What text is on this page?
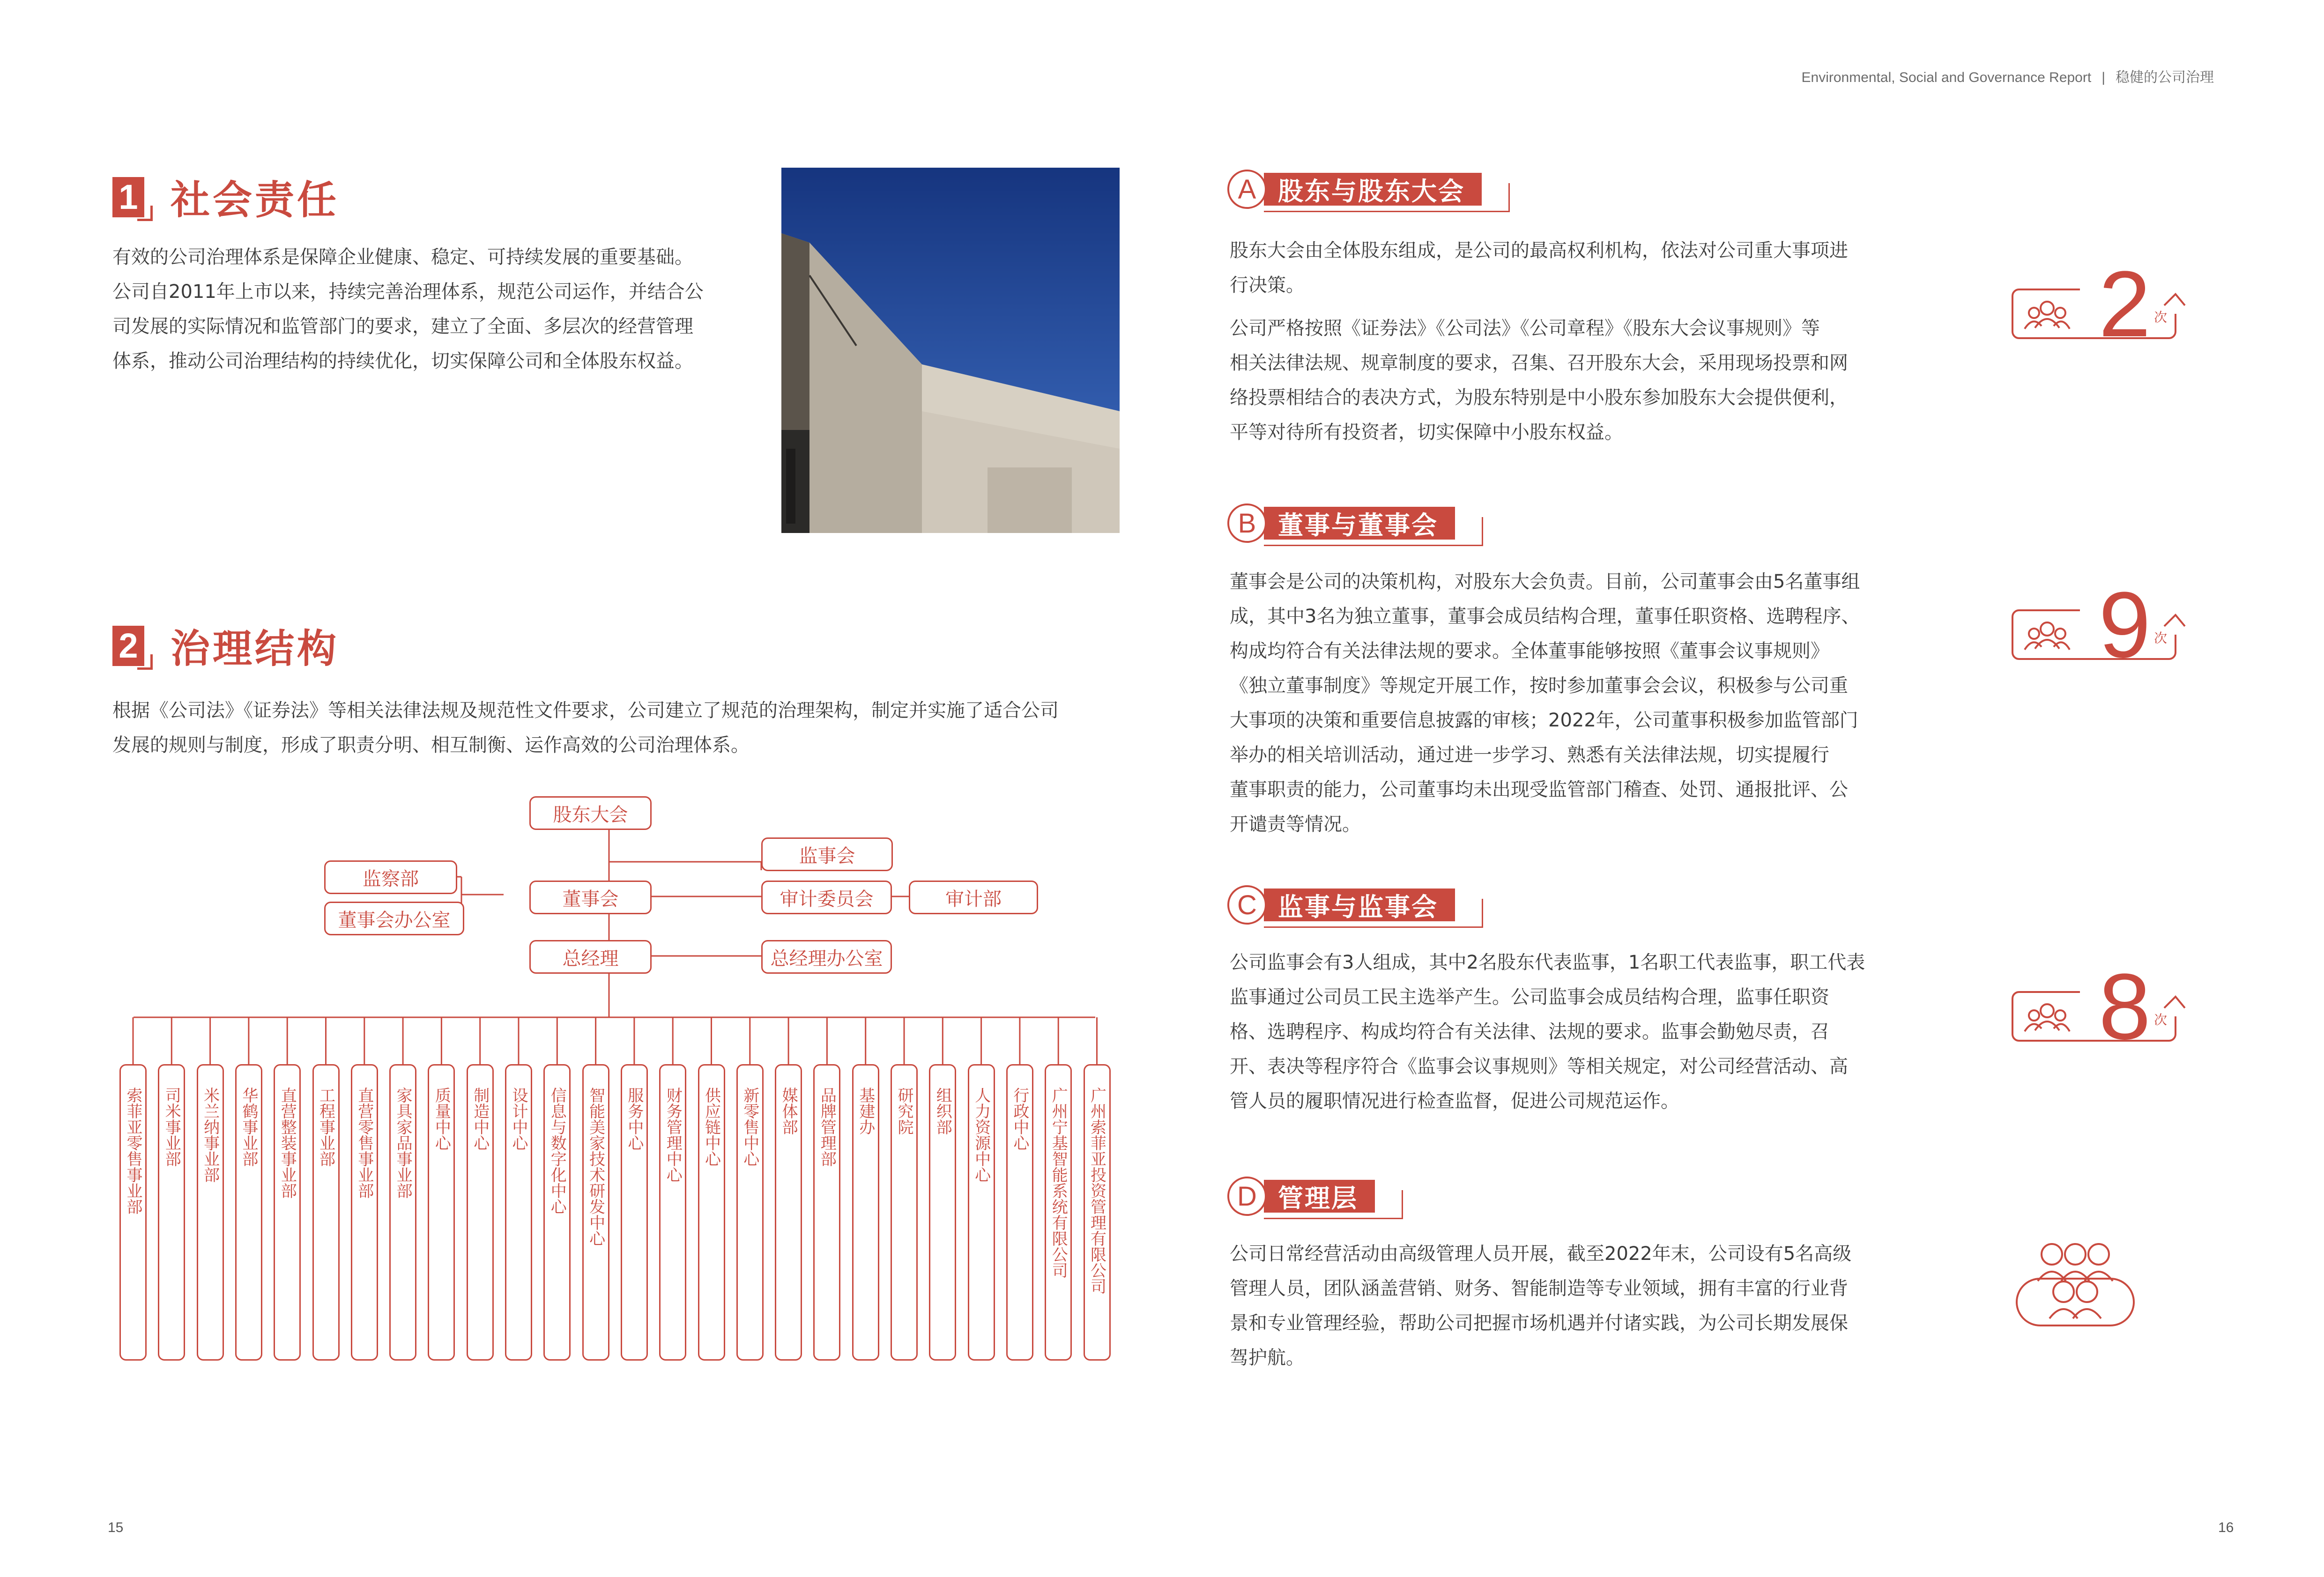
Environmental, Social and Governance Report | 稳健的公司治理
1 社会责任
有效的公司治理体系是保障企业健康、稳定、可持续发展的重要基础。
公司自2011年上市以来，持续完善治理体系，规范公司运作，并结合公
司发展的实际情况和监管部门的要求，建立了全面、多层次的经营管理
体系，推动公司治理结构的持续优化，切实保障公司和全体股东权益。
2 治理结构
根据《公司法》《证券法》等相关法律法规及规范性文件要求，公司建立了规范的治理架构，制定并实施了适合公司
发展的规则与制度，形成了职责分明、相互制衡、运作高效的公司治理体系。
股东大会
监事会
监察部
董事会	审计委员会	审计部
董事会办公室
总经理	总经理办公室
索菲亚零售事业部 司米事业部 米兰纳事业部 华鹤事业部 直营整装事业部 工程事业部 直营零售事业部 家具家品事业部 质量中心 制造中心 设计中心 信息与数字化中心 智能美家技术研发中心 服务中心 财务管理中心 供应链中心 新零售中心 媒体部 品牌管理部 基建办 研究院 组织部 人力资源中心 行政中心 广州宁基智能系统有限公司 广州索菲亚投资管理有限公司
15
A 股东与股东大会
股东大会由全体股东组成，是公司的最高权利机构，依法对公司重大事项进
行决策。
公司严格按照《证券法》《公司法》《公司章程》《股东大会议事规则》等
相关法律法规、规章制度的要求，召集、召开股东大会，采用现场投票和网
络投票相结合的表决方式，为股东特别是中小股东参加股东大会提供便利，
平等对待所有投资者，切实保障中小股东权益。
2 次
B 董事与董事会
董事会是公司的决策机构，对股东大会负责。目前，公司董事会由5名董事组
成，其中3名为独立董事，董事会成员结构合理，董事任职资格、选聘程序、
构成均符合有关法律法规的要求。全体董事能够按照《董事会议事规则》
《独立董事制度》等规定开展工作，按时参加董事会会议，积极参与公司重
大事项的决策和重要信息披露的审核；2022年，公司董事积极参加监管部门
举办的相关培训活动，通过进一步学习、熟悉有关法律法规，切实提履行
董事职责的能力，公司董事均未出现受监管部门稽查、处罚、通报批评、公
开谴责等情况。
9 次
C 监事与监事会
公司监事会有3人组成，其中2名股东代表监事，1名职工代表监事，职工代表
监事通过公司员工民主选举产生。公司监事会成员结构合理，监事任职资
格、选聘程序、构成均符合有关法律、法规的要求。监事会勤勉尽责，召
开、表决等程序符合《监事会议事规则》等相关规定，对公司经营活动、高
管人员的履职情况进行检查监督，促进公司规范运作。
8 次
D 管理层
公司日常经营活动由高级管理人员开展，截至2022年末，公司设有5名高级
管理人员，团队涵盖营销、财务、智能制造等专业领域，拥有丰富的行业背
景和专业管理经验，帮助公司把握市场机遇并付诸实践，为公司长期发展保
驾护航。
16
